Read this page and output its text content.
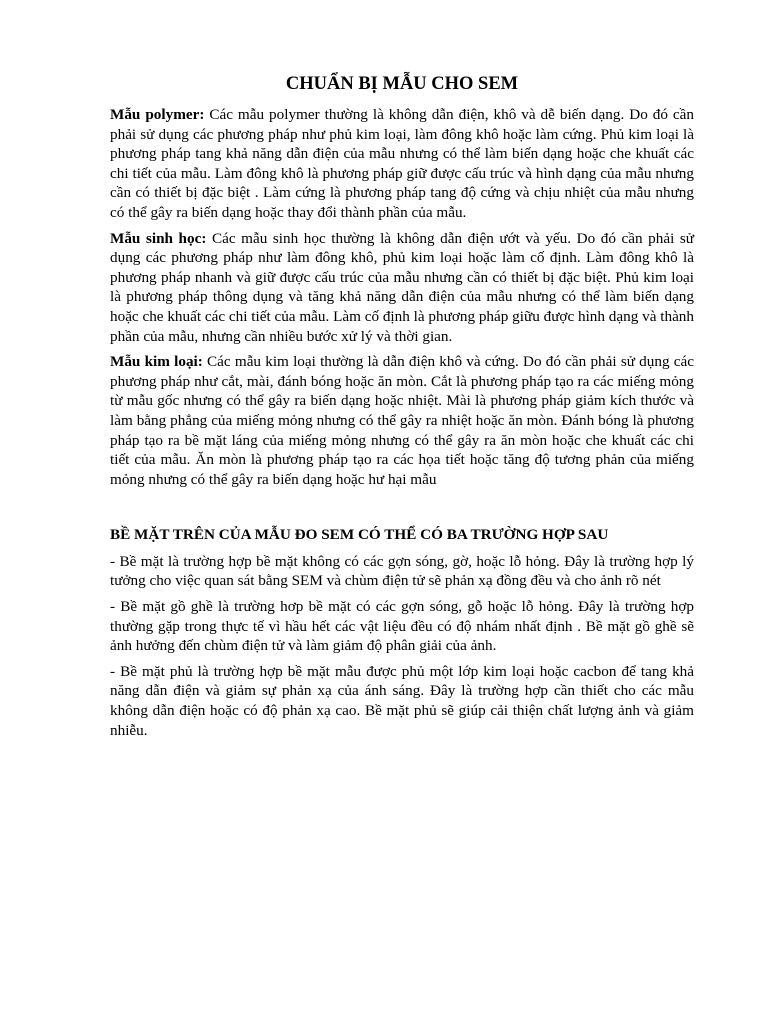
CHUẨN BỊ MẪU CHO SEM

Mẫu polymer: Các mẫu polymer thường là không dẫn điện, khô và dễ biến dạng. Do đó cần phải sử dụng các phương pháp như phủ kim loại, làm đông khô hoặc làm cứng. Phủ kim loại là phương pháp tang khả năng dẫn điện của mẫu nhưng có thể làm biến dạng hoặc che khuất các chi tiết của mẫu. Làm đông khô là phương pháp giữ được cấu trúc và hình dạng của mẫu nhưng cần có thiết bị đặc biệt . Làm cứng là phương pháp tang độ cứng và chịu nhiệt của mẫu nhưng có thể gây ra biến dạng hoặc thay đổi thành phần của mẫu.

Mẫu sinh học: Các mẫu sinh học thường là không dẫn điện ướt và yếu. Do đó cần phải sử dụng các phương pháp như làm đông khô, phủ kim loại hoặc làm cố định. Làm đông khô là phương pháp nhanh và giữ được cấu trúc của mẫu nhưng cần có thiết bị đặc biệt. Phủ kim loại là phương pháp thông dụng và tăng khả năng dẫn điện của mẫu nhưng có thể làm biến dạng hoặc che khuất các chi tiết của mẫu. Làm cố định là phương pháp giữu được hình dạng và thành phần của mẫu, nhưng cần nhiều bước xử lý và thời gian.

Mẫu kim loại: Các mẫu kim loại thường là dẫn điện khô và cứng. Do đó cần phải sử dụng các phương pháp như cắt, mài, đánh bóng hoặc ăn mòn. Cắt là phương pháp tạo ra các miếng mỏng từ mẫu gốc nhưng có thể gây ra biến dạng hoặc nhiệt. Mài là phương pháp giảm kích thước và làm bằng phẳng của miếng mỏng nhưng có thể gây ra nhiệt hoặc ăn mòn. Đánh bóng là phương pháp tạo ra bề mặt láng của miếng mỏng nhưng có thể gây ra ăn mòn hoặc che khuất các chi tiết của mẫu. Ăn mòn là phương pháp tạo ra các họa tiết hoặc tăng độ tương phản của miếng mỏng nhưng có thể gây ra biến dạng hoặc hư hại mẫu

BỀ MẶT TRÊN CỦA MẪU ĐO SEM CÓ THỂ CÓ BA TRƯỜNG HỢP SAU

- Bề mặt là trường hợp bề mặt không có các gợn sóng, gờ, hoặc lỗ hỏng. Đây là trường hợp lý tưởng cho việc quan sát bằng SEM và chùm điện tử sẽ phản xạ đồng đều và cho ảnh rõ nét

- Bề mặt gồ ghề là trường hơp bề mặt có các gợn sóng, gỗ hoặc lỗ hỏng. Đây là trường hợp thường gặp trong thực tế vì hầu hết các vật liệu đều có độ nhám nhất định . Bề mặt gồ ghề sẽ ảnh hưởng đến chùm điện tử và làm giảm độ phân giải của ảnh.

- Bề mặt phủ là trường hợp bề mặt mẫu được phủ một lớp kim loại hoặc cacbon để tang khả năng dẫn điện và giảm sự phản xạ của ánh sáng. Đây là trường hợp cần thiết cho các mẫu không dẫn điện hoặc có độ phản xạ cao. Bề mặt phủ sẽ giúp cải thiện chất lượng ảnh và giảm nhiễu.
